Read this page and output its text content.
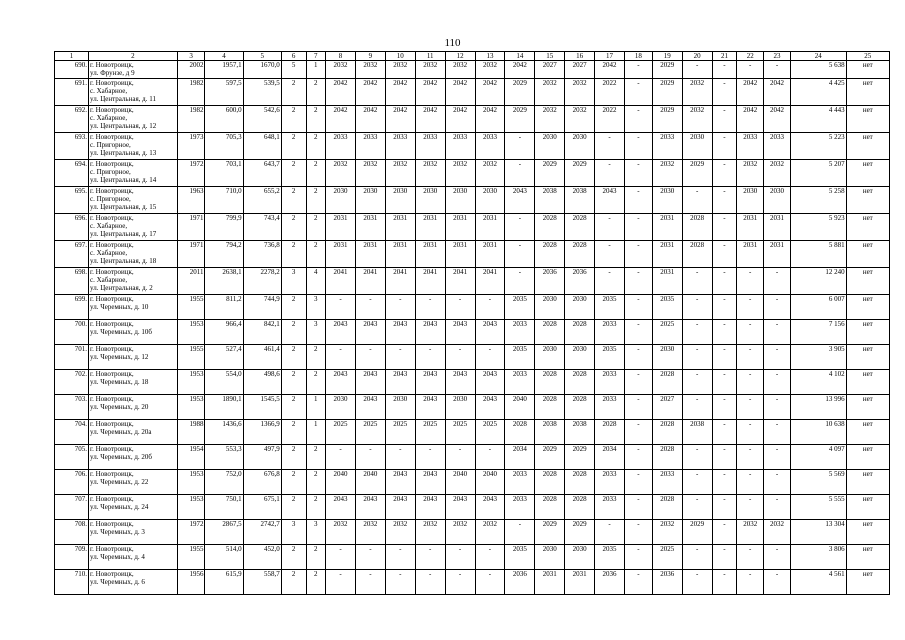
110
1	2	3	4	5	6	7	8	9	10	11	12	13	14	15	16	17	18	19	20	21	22	23	24	25
690.	г. Новотроицк,
ул. Фрунзе, д 9	2002	1957,1	1670,0	5	1	2032	2032	2032	2032	2032	2032	2042	2027	2027	2042	-	2029	-	-	-	-	5 638	нет
691.	г. Новотроицк,
с. Хабарное,
ул. Центральная, д. 11	1982	597,5	539,5	2	2	2042	2042	2042	2042	2042	2042	2029	2032	2032	2022	-	2029	2032	-	2042	2042	4 425	нет
692.	г. Новотроицк,
с. Хабарное,
ул. Центральная, д. 12	1982	600,0	542,6	2	2	2042	2042	2042	2042	2042	2042	2029	2032	2032	2022	-	2029	2032	-	2042	2042	4 443	нет
693.	г. Новотроицк,
с. Пригорное,
ул. Центральная, д. 13	1973	705,3	648,1	2	2	2033	2033	2033	2033	2033	2033	-	2030	2030	-	-	2033	2030	-	2033	2033	5 223	нет
694.	г. Новотроицк,
с. Пригорное,
ул. Центральная, д. 14	1972	703,1	643,7	2	2	2032	2032	2032	2032	2032	2032	-	2029	2029	-	-	2032	2029	-	2032	2032	5 207	нет
695.	г. Новотроицк,
с. Пригорное,
ул. Центральная, д. 15	1963	710,0	655,2	2	2	2030	2030	2030	2030	2030	2030	2043	2038	2038	2043	-	2030	-	-	2030	2030	5 258	нет
696.	г. Новотроицк,
с. Хабарное,
ул. Центральная, д. 17	1971	799,9	743,4	2	2	2031	2031	2031	2031	2031	2031	-	2028	2028	-	-	2031	2028	-	2031	2031	5 923	нет
697.	г. Новотроицк,
с. Хабарное,
ул. Центральная, д. 18	1971	794,2	736,8	2	2	2031	2031	2031	2031	2031	2031	-	2028	2028	-	-	2031	2028	-	2031	2031	5 881	нет
698.	г. Новотроицк,
с. Хабарное,
ул. Центральная, д. 2	2011	2638,1	2278,2	3	4	2041	2041	2041	2041	2041	2041	-	2036	2036	-	-	2031	-	-	-	-	12 240	нет
699.	г. Новотроицк,
ул. Черемных, д. 10	1955	811,2	744,9	2	3	-	-	-	-	-	-	2035	2030	2030	2035	-	2035	-	-	-	-	6 007	нет
700.	г. Новотроицк,
ул. Черемных, д. 10б	1953	966,4	842,1	2	3	2043	2043	2043	2043	2043	2043	2033	2028	2028	2033	-	2025	-	-	-	-	7 156	нет
701.	г. Новотроицк,
ул. Черемных, д. 12	1955	527,4	461,4	2	2	-	-	-	-	-	-	2035	2030	2030	2035	-	2030	-	-	-	-	3 905	нет
702.	г. Новотроицк,
ул. Черемных, д. 18	1953	554,0	498,6	2	2	2043	2043	2043	2043	2043	2043	2033	2028	2028	2033	-	2028	-	-	-	-	4 102	нет
703.	г. Новотроицк,
ул. Черемных, д. 20	1953	1890,1	1545,5	2	1	2030	2043	2030	2043	2030	2043	2040	2028	2028	2033	-	2027	-	-	-	-	13 996	нет
704.	г. Новотроицк,
ул. Черемных, д. 20а	1988	1436,6	1366,9	2	1	2025	2025	2025	2025	2025	2025	2028	2038	2038	2028	-	2028	2038	-	-	-	10 638	нет
705.	г. Новотроицк,
ул. Черемных, д. 20б	1954	553,3	497,9	2	2	-	-	-	-	-	-	2034	2029	2029	2034	-	2028	-	-	-	-	4 097	нет
706.	г. Новотроицк,
ул. Черемных, д. 22	1953	752,0	676,8	2	2	2040	2040	2043	2043	2040	2040	2033	2028	2028	2033	-	2033	-	-	-	-	5 569	нет
707.	г. Новотроицк,
ул. Черемных, д. 24	1953	750,1	675,1	2	2	2043	2043	2043	2043	2043	2043	2033	2028	2028	2033	-	2028	-	-	-	-	5 555	нет
708.	г. Новотроицк,
ул. Черемных, д. 3	1972	2867,5	2742,7	3	3	2032	2032	2032	2032	2032	2032	-	2029	2029	-	-	2032	2029	-	2032	2032	13 304	нет
709.	г. Новотроицк,
ул. Черемных, д. 4	1955	514,0	452,0	2	2	-	-	-	-	-	-	2035	2030	2030	2035	-	2025	-	-	-	-	3 806	нет
710.	г. Новотроицк,
ул. Черемных, д. 6	1956	615,9	558,7	2	2	-	-	-	-	-	-	2036	2031	2031	2036	-	2036	-	-	-	-	4 561	нет
